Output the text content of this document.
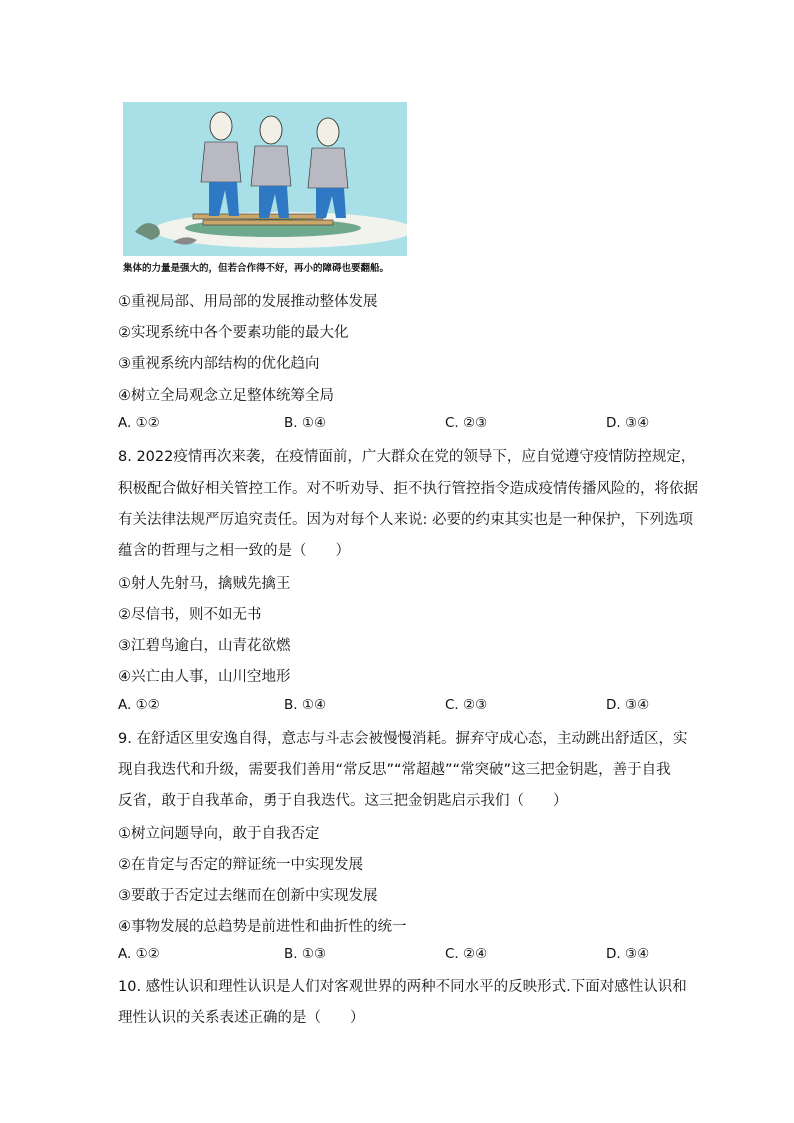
集体的力量是强大的，但若合作得不好，再小的障碍也要翻船。
①重视局部、用局部的发展推动整体发展
②实现系统中各个要素功能的最大化
③重视系统内部结构的优化趋向
④树立全局观念立足整体统筹全局
A. ①②	B. ①④	C. ②③	D. ③④
8. 2022疫情再次来袭，在疫情面前，广大群众在党的领导下，应自觉遵守疫情防控规定，
积极配合做好相关管控工作。对不听劝导、拒不执行管控指令造成疫情传播风险的，将依据
有关法律法规严厉追究责任。因为对每个人来说: 必要的约束其实也是一种保护，下列选项
蕴含的哲理与之相一致的是（　　）
①射人先射马，擒贼先擒王
②尽信书，则不如无书
③江碧鸟逾白，山青花欲燃
④兴亡由人事，山川空地形
A. ①②	B. ①④	C. ②③	D. ③④
9. 在舒适区里安逸自得，意志与斗志会被慢慢消耗。摒弃守成心态，主动跳出舒适区，实
现自我迭代和升级，需要我们善用“常反思”“常超越”“常突破”这三把金钥匙，善于自我
反省，敢于自我革命，勇于自我迭代。这三把金钥匙启示我们（　　）
①树立问题导向，敢于自我否定
②在肯定与否定的辩证统一中实现发展
③要敢于否定过去继而在创新中实现发展
④事物发展的总趋势是前进性和曲折性的统一
A. ①②	B. ①③	C. ②④	D. ③④
10. 感性认识和理性认识是人们对客观世界的两种不同水平的反映形式.下面对感性认识和
理性认识的关系表述正确的是（　　）
